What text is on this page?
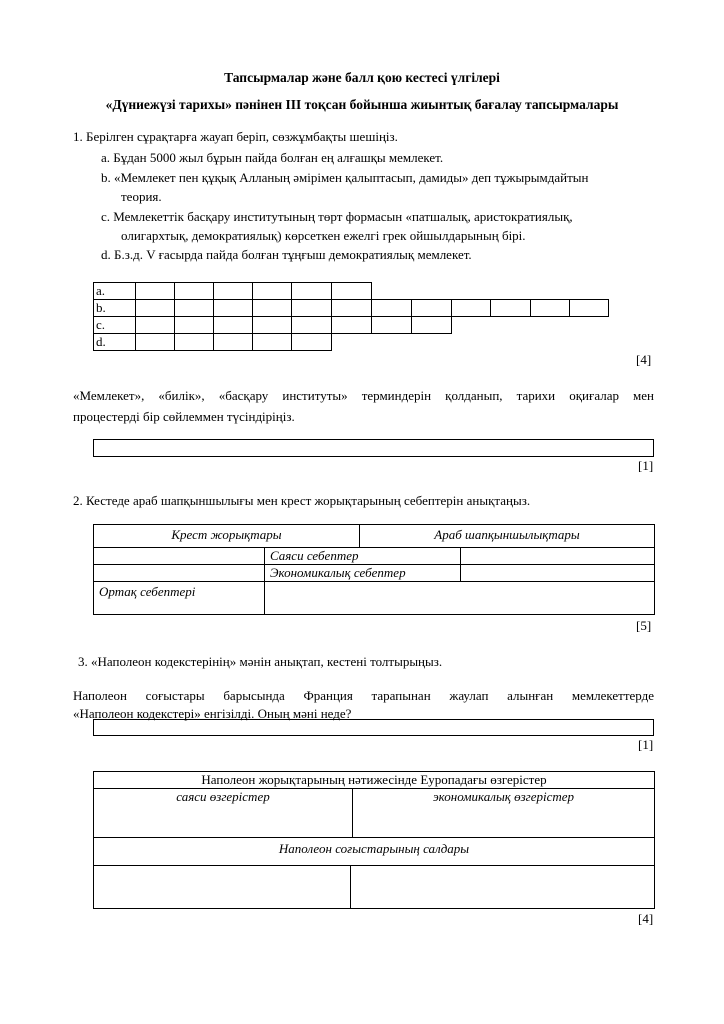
Тапсырмалар және балл қою кестесі үлгілері
«Дүниежүзі тарихы» пәнінен III тоқсан бойынша жиынтық бағалау тапсырмалары
1. Берілген сұрақтарға жауап беріп, сөзжұмбақты шешіңіз.
a. Бұдан 5000 жыл бұрын пайда болған ең алғашқы мемлекет.
b. «Мемлекет пен құқық Алланың әмірімен қалыптасып, дамиды» деп тұжырымдайтын
теория.
c. Мемлекеттік басқару институтының төрт формасын «патшалық, аристократиялық,
олигархтық, демократиялық) көрсеткен ежелгі грек ойшылдарының бірі.
d. Б.з.д. V ғасырда пайда болған тұңғыш демократиялық мемлекет.
a.
b.
c.
d.
[4]
«Мемлекет», «билік», «басқару институты» терминдерін қолданып, тарихи оқиғалар мен
процестерді бір сөйлеммен түсіндіріңіз.
[1]
2. Кестеде араб шапқыншылығы мен крест жорықтарының себептерін анықтаңыз.
Крест жорықтары	Араб шапқыншылықтары
Саяси себептер
Экономикалық себептер
Ортақ себептері
[5]
3. «Наполеон кодекстерінің» мәнін анықтап, кестені толтырыңыз.
Наполеон соғыстары барысында Франция тарапынан жаулап алынған мемлекеттерде
«Наполеон кодекстері» енгізілді. Оның мәні неде?
[1]
Наполеон жорықтарының нәтижесінде Еуропадағы өзгерістер
саяси өзгерістер	экономикалық өзгерістер
Наполеон соғыстарының салдары
[4]
